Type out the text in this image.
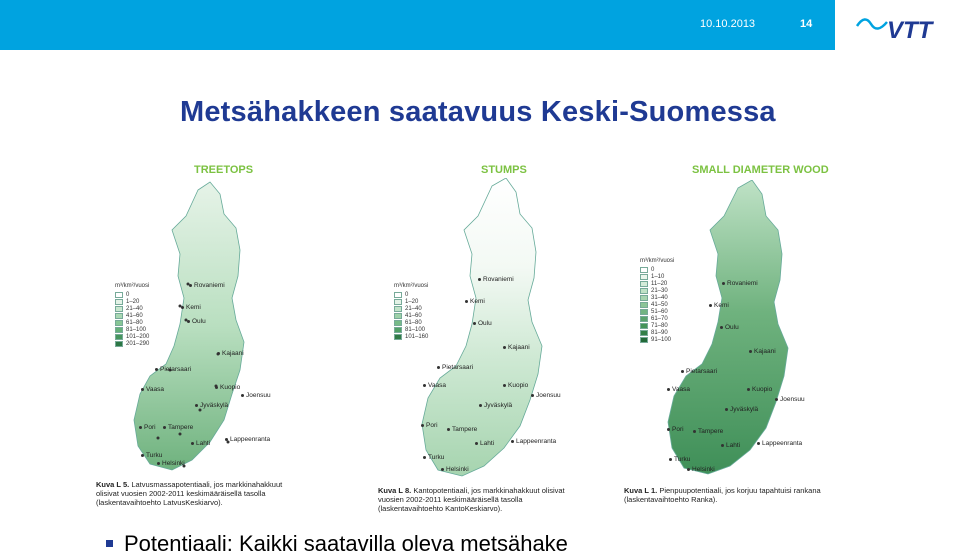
10.10.2013	14	VTT
Metsähakkeen saatavuus Keski-Suomessa
TREETOPS
m³/km²/vuosi
0
1–20
21–40
41–60
61–80
81–100
101–200
201–290
Rovaniemi
Kemi
Oulu
Kajaani
Pietarsaari
Kuopio
Vaasa
Joensuu
Jyväskylä
Pori Tampere
Lahti
Lappeenranta
Turku
Helsinki
Kuva L 5. Latvusmassapotentiaali, jos markkinahakkuut olisivat vuosien 2002-2011 keskimääräisellä tasolla (laskentavaihtoehto LatvusKeskiarvo).
STUMPS
m³/km²/vuosi
0
1–20
21–40
41–60
61–80
81–100
101–160
Rovaniemi
Kemi
Oulu
Kajaani
Pietarsaari
Vaasa	Kuopio
Joensuu
Jyväskylä
Pori
Tampere
Lahti	Lappeenranta
Turku
Helsinki
Kuva L 8. Kantopotentiaali, jos markkinahakkuut olisivat vuosien 2002-2011 keskimääräisellä tasolla (laskentavaihtoehto KantoKeskiarvo).
SMALL DIAMETER WOOD
m³/km²/vuosi
0
1–10
11–20
21–30
31–40
41–50
51–60
61–70
71–80
81–90
91–100
Rovaniemi
Kemi
Oulu
Kajaani
Pietarsaari
Vaasa	Kuopio
Joensuu
Jyväskylä
Pori Tampere
Lahti	Lappeenranta
Turku
Helsinki
Kuva L 1. Pienpuupotentiaali, jos korjuu tapahtuisi rankana (laskentavaihtoehto Ranka).
Potentiaali: Kaikki saatavilla oleva metsähake
